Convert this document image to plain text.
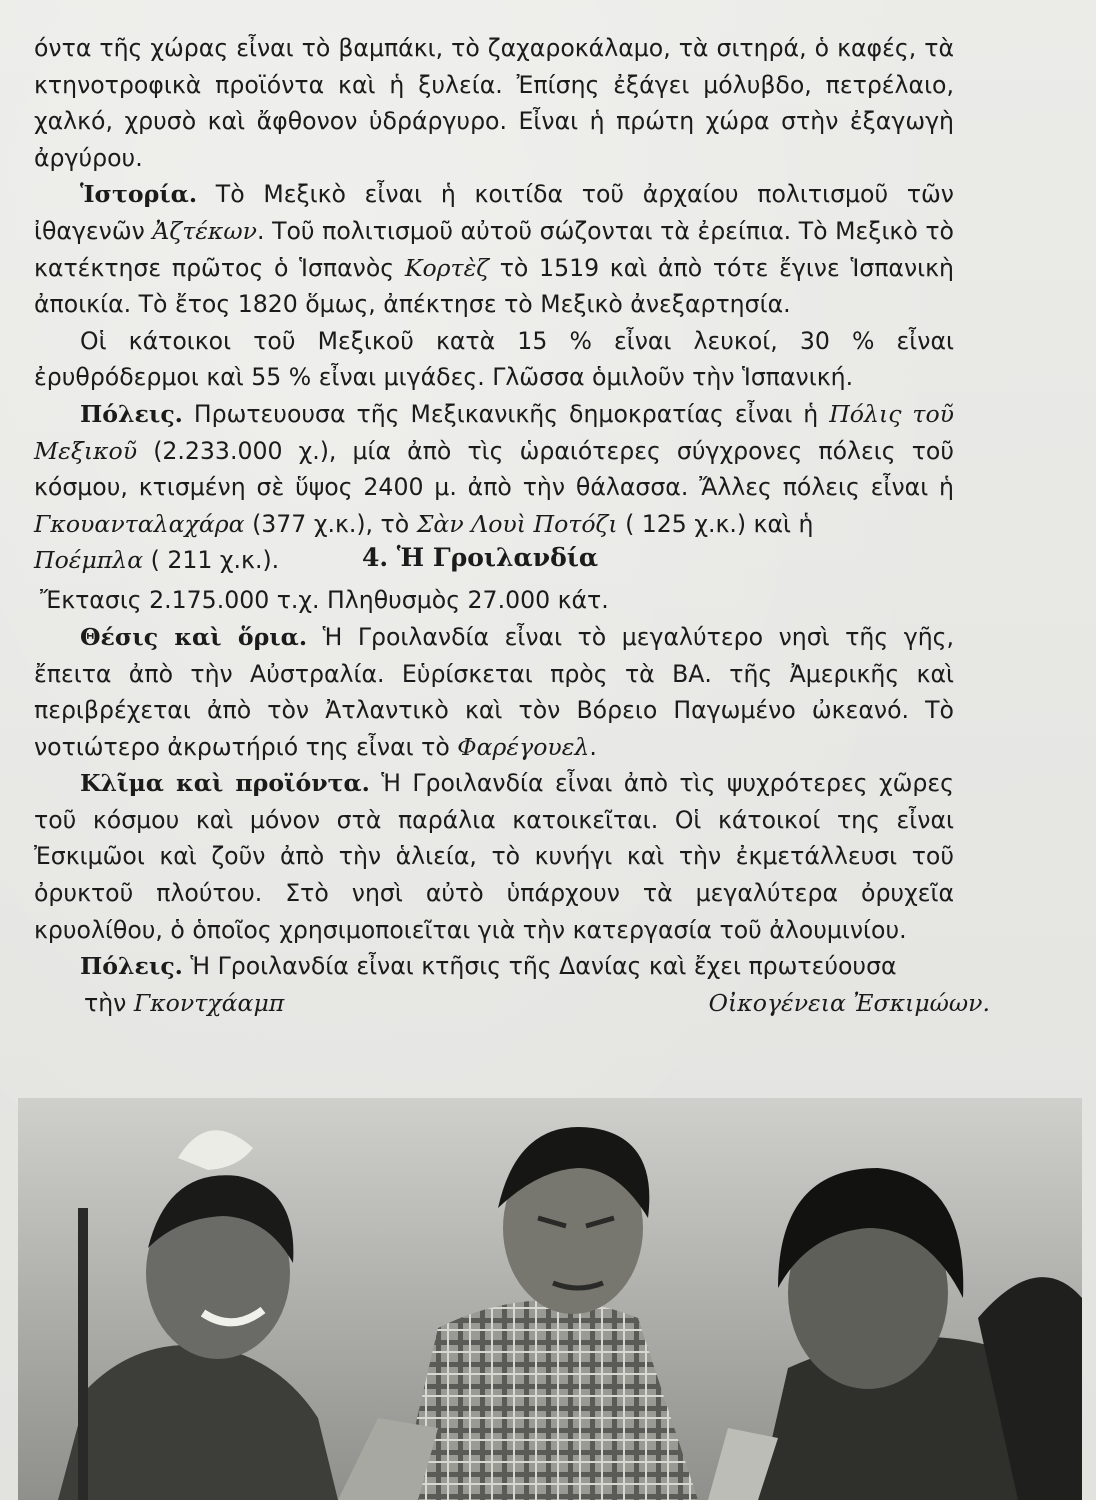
όντα τῆς χώρας εἶναι τὸ βαμπάκι, τὸ ζαχαροκάλαμο, τὰ σιτηρά, ὁ καφές, τὰ κτηνοτροφικὰ προϊόντα καὶ ἡ ξυλεία. Ἐπίσης ἐξάγει μόλυβδο, πετρέλαιο, χαλκό, χρυσὸ καὶ ἄφθονον ὑδράργυρο. Εἶναι ἡ πρώτη χώρα στὴν ἐξαγωγὴ ἀργύρου.

Ἱστορία. Τὸ Μεξικὸ εἶναι ἡ κοιτίδα τοῦ ἀρχαίου πολιτισμοῦ τῶν ἰθαγενῶν Ἀζτέκων. Τοῦ πολιτισμοῦ αὐτοῦ σώζονται τὰ ἐρείπια. Τὸ Μεξικὸ τὸ κατέκτησε πρῶτος ὁ Ἱσπανὸς Κορτὲζ τὸ 1519 καὶ ἀπὸ τότε ἔγινε Ἱσπανικὴ ἀποικία. Τὸ ἔτος 1820 ὅμως, ἀπέκτησε τὸ Μεξικὸ ἀνεξαρτησία.

Οἱ κάτοικοι τοῦ Μεξικοῦ κατὰ 15 % εἶναι λευκοί, 30 % εἶναι ἐρυθρόδερμοι καὶ 55 % εἶναι μιγάδες. Γλῶσσα ὁμιλοῦν τὴν Ἱσπανική.

Πόλεις. Πρωτευουσα τῆς Μεξικανικῆς δημοκρατίας εἶναι ἡ Πόλις τοῦ Μεξικοῦ (2.233.000 χ.), μία ἀπὸ τὶς ὡραιότερες σύγχρονες πόλεις τοῦ κόσμου, κτισμένη σὲ ὕψος 2400 μ. ἀπὸ τὴν θάλασσα. Ἄλλες πόλεις εἶναι ἡ Γκουανταλαχάρα (377 χ.κ.), τὸ Σὰν Λουὶ Ποτόζι ( 125 χ.κ.) καὶ ἡ

Ποέμπλα ( 211 χ.κ.).	4. Ἡ Γροιλανδία

Ἔκτασις 2.175.000 τ.χ. Πληθυσμὸς 27.000 κάτ.

Θέσις καὶ ὅρια. Ἡ Γροιλανδία εἶναι τὸ μεγαλύτερο νησὶ τῆς γῆς, ἔπειτα ἀπὸ τὴν Αὐστραλία. Εὑρίσκεται πρὸς τὰ ΒΑ. τῆς Ἀμερικῆς καὶ περιβρέχεται ἀπὸ τὸν Ἀτλαντικὸ καὶ τὸν Βόρειο Παγωμένο ὠκεανό. Τὸ νοτιώτερο ἀκρωτήριό της εἶναι τὸ Φαρέγουελ.

Κλῖμα καὶ προϊόντα. Ἡ Γροιλανδία εἶναι ἀπὸ τὶς ψυχρότερες χῶρες τοῦ κόσμου καὶ μόνον στὰ παράλια κατοικεῖται. Οἱ κάτοικοί της εἶναι Ἐσκιμῶοι καὶ ζοῦν ἀπὸ τὴν ἁλιεία, τὸ κυνήγι καὶ τὴν ἐκμετάλλευσι τοῦ ὀρυκτοῦ πλούτου. Στὸ νησὶ αὐτὸ ὑπάρχουν τὰ μεγαλύτερα ὀρυχεῖα κρυολίθου, ὁ ὁποῖος χρησιμοποιεῖται γιὰ τὴν κατεργασία τοῦ ἀλουμινίου.

Πόλεις. Ἡ Γροιλανδία εἶναι κτῆσις τῆς Δανίας καὶ ἔχει πρωτεύουσα

τὴν Γκοντχάαμπ	Οἰκογένεια Ἐσκιμώων.
